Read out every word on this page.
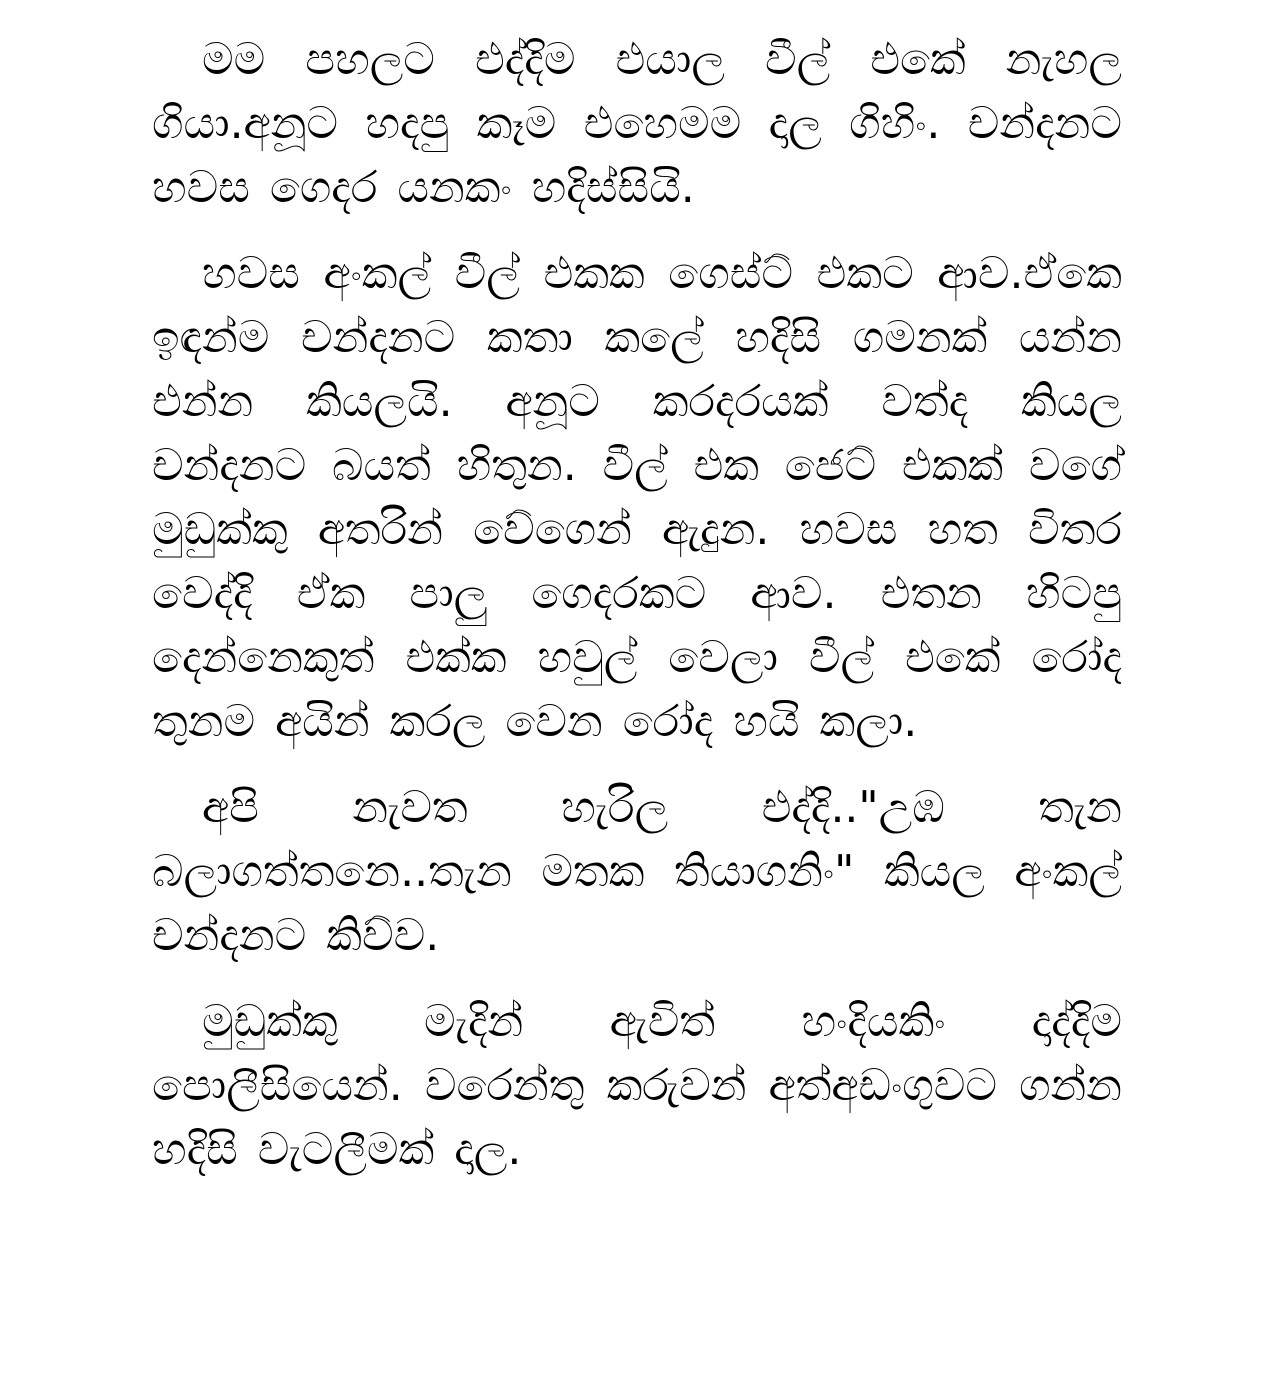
මම පහලට එද්දිම එයාල වීල් එකේ නැහල ගියා.අනූට හදපු කෑම එහෙමම දාල ගිහිං. චන්දනට හවස ගෙදර යනකං හදිස්සියි.

හවස අංකල් වීල් එකක ගෙස්ට් එකට ආව.ඒකෙ ඉඳන්ම චන්දනට කතා කලේ හදිසි ගමනක් යන්න එන්න කියලයි. අනූට කරදරයක් වත්ද කියල චන්දනට බයත් හිතුන. වීල් එක ජෙට් එකක් වගේ මුඩුක්කු අතරින් වේගෙන් ඇදුන. හවස හත විතර වෙද්දි ඒක පාලු ගෙදරකට ආව. එතන හිටපු දෙන්නෙකුත් එක්ක හවුල් වෙලා වීල් එකේ රෝද තුනම අයින් කරල වෙන රෝද හයි කලා.

අපි නැවත හැරිල එද්දි.."උඹ තැන බලාගත්තනෙ..තැන මතක තියාගනිං" කියල අංකල් චන්දනට කිව්ව.

මුඩුක්කු මැදින් ඇවිත් හංදියකිං දාද්දිම පොලීසියෙන්. වරෙන්තු කරුවන් අත්අඩංගුවට ගන්න හදිසි වැටලීමක් දාල.
